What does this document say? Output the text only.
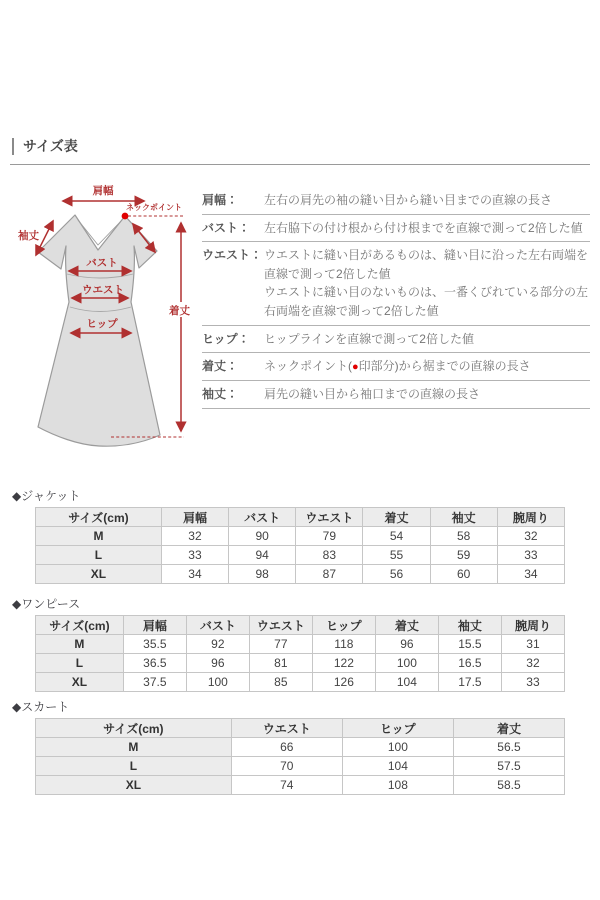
サイズ表
肩幅
ネックポイント
袖丈
バスト
ウエスト
ヒップ
着丈
肩幅：	左右の肩先の袖の縫い目から縫い目までの直線の長さ
バスト：	左右脇下の付け根から付け根までを直線で測って2倍した値
ウエスト： ウエストに縫い目があるものは、縫い目に沿った左右両端を直線で測って2倍した値
ウエストに縫い目のないものは、一番くびれている部分の左右両端を直線で測って2倍した値
ヒップ：	ヒップラインを直線で測って2倍した値
着丈：	ネックポイント(●印部分)から裾までの直線の長さ
袖丈：	肩先の縫い目から袖口までの直線の長さ
◆ジャケット
サイズ(cm)	肩幅	バスト	ウエスト	着丈	袖丈	腕周り
M	32	90	79	54	58	32
L	33	94	83	55	59	33
XL	34	98	87	56	60	34
◆ワンピース
サイズ(cm)	肩幅	バスト	ウエスト	ヒップ	着丈	袖丈	腕周り
M	35.5	92	77	118	96	15.5	31
L	36.5	96	81	122	100	16.5	32
XL	37.5	100	85	126	104	17.5	33
◆スカート
サイズ(cm)	ウエスト	ヒップ	着丈
M	66	100	56.5
L	70	104	57.5
XL	74	108	58.5
